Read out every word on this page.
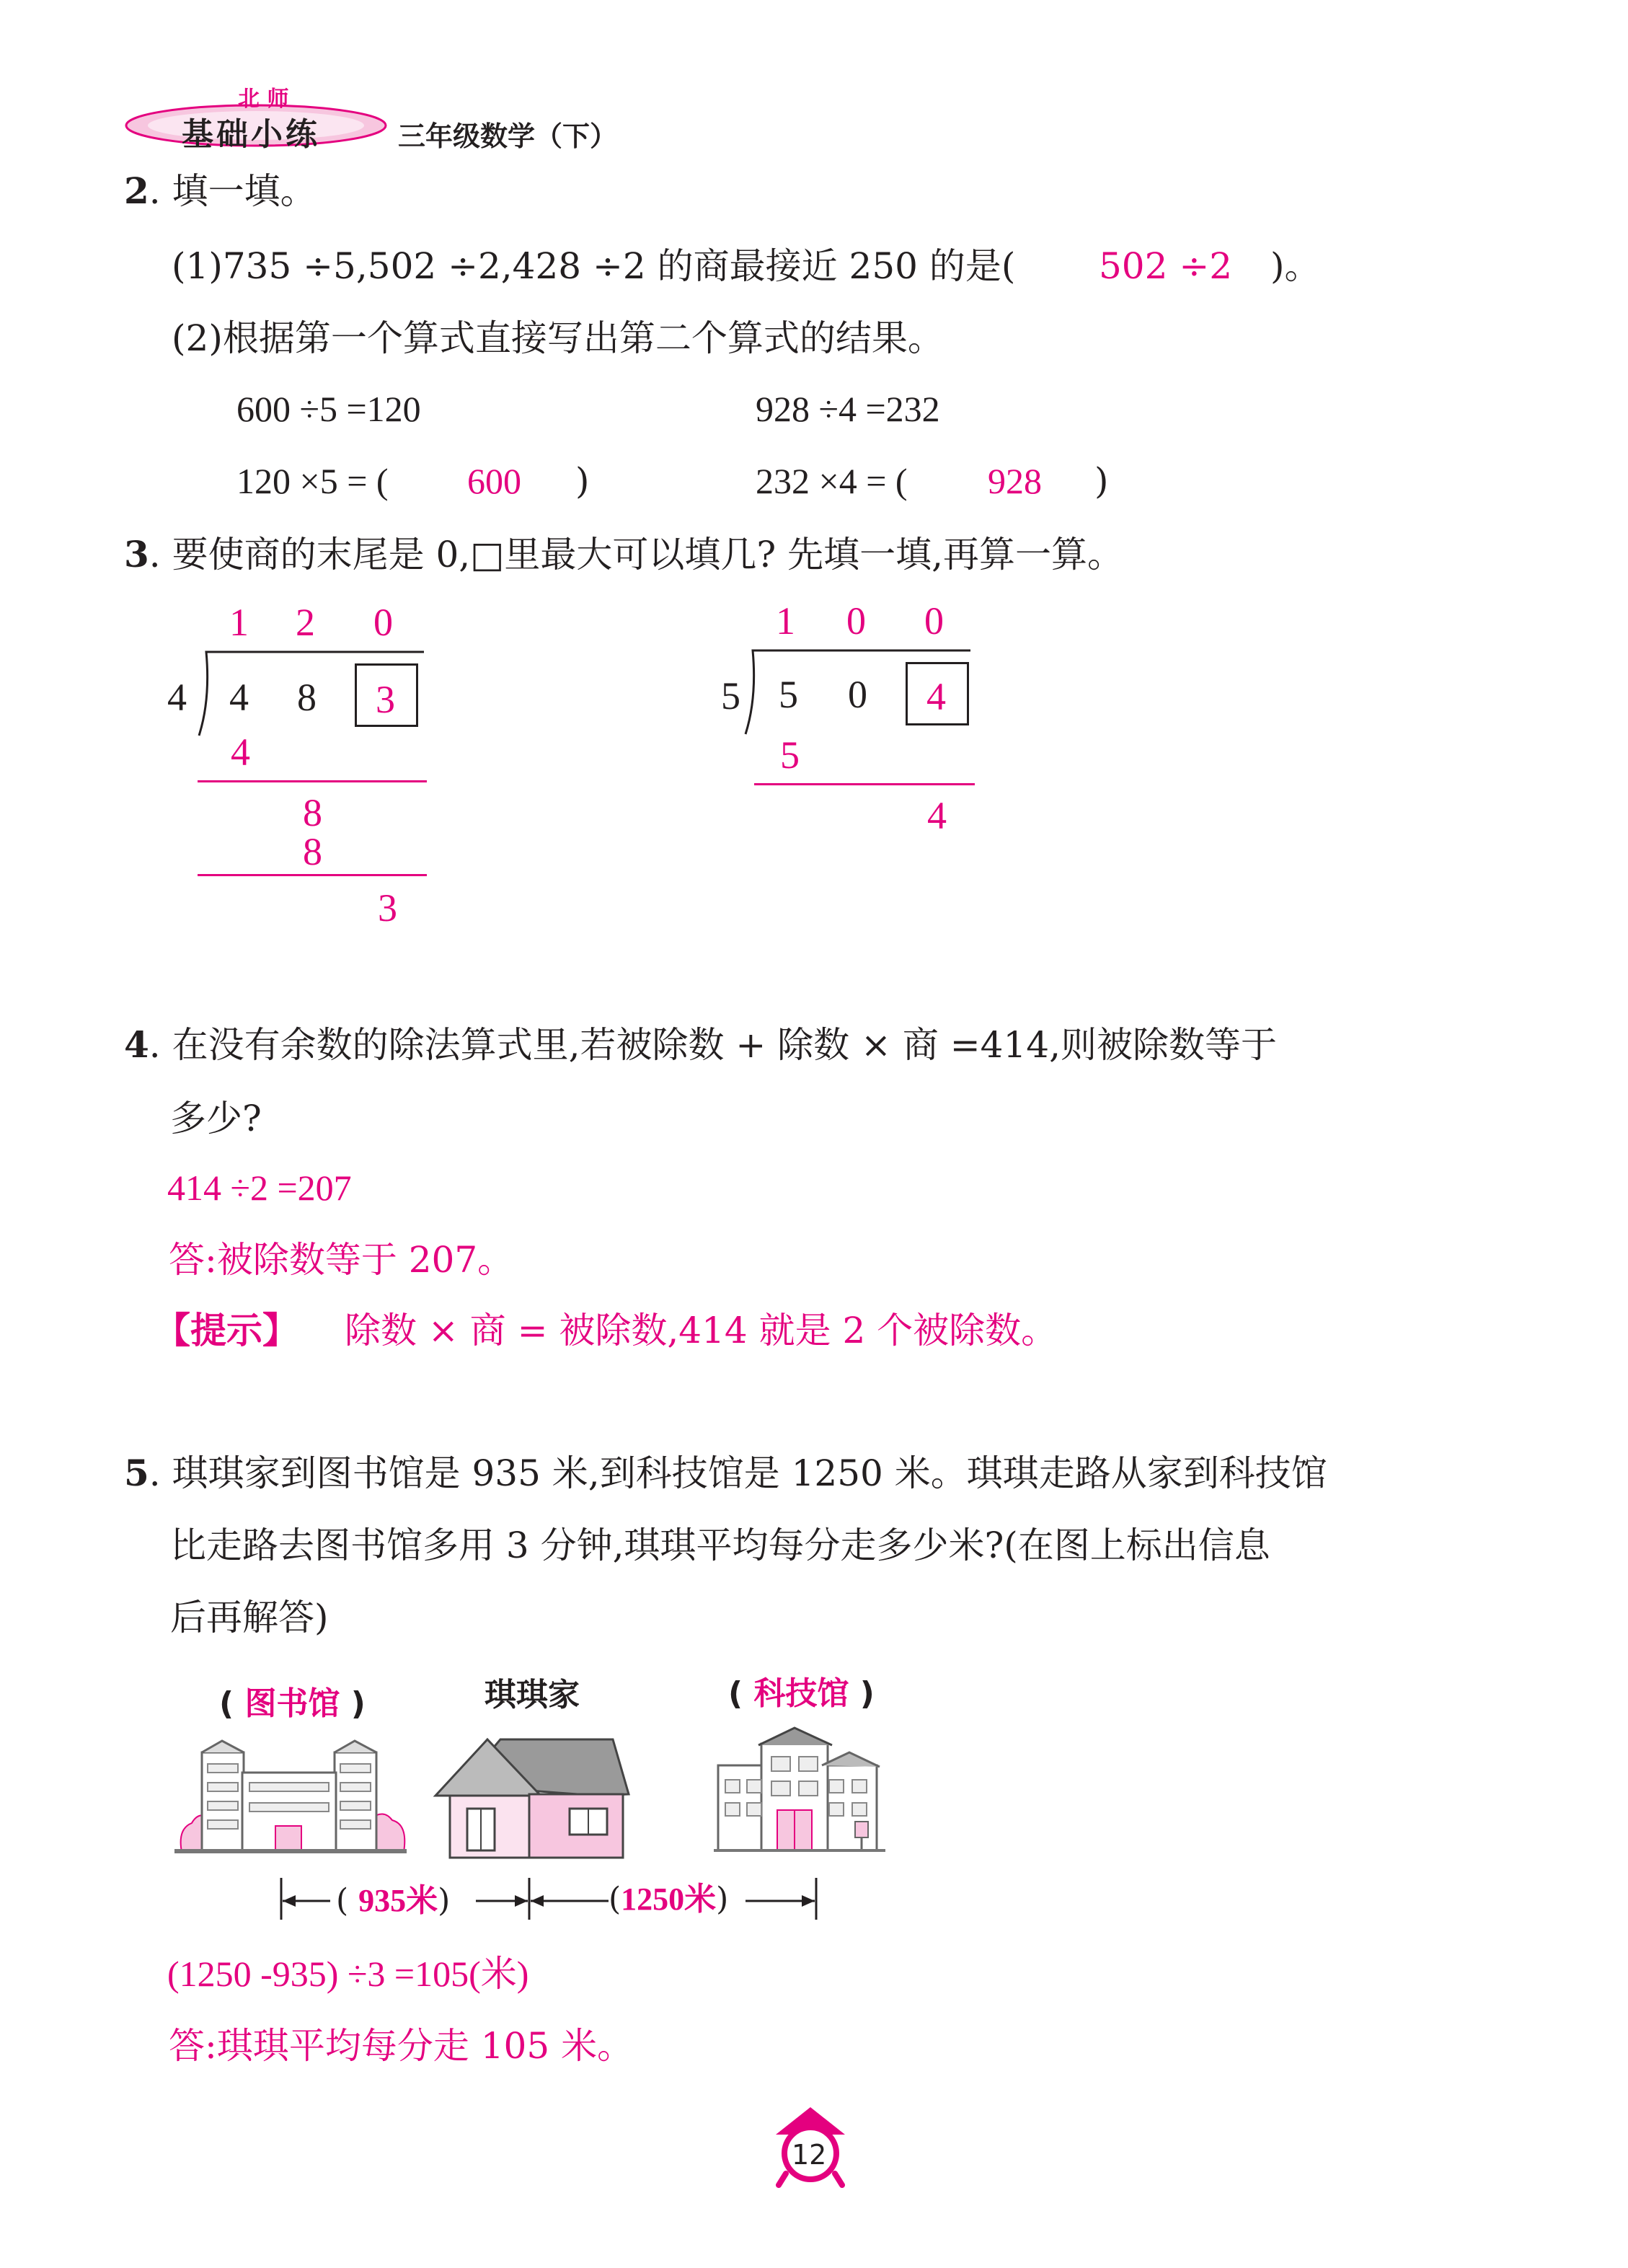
北 师
基础小练	三年级数学（下）
2. 填一填。
(1)735 ÷5,502 ÷2,428 ÷2 的商最接近 250 的是( 502 ÷2 )。
(2)根据第一个算式直接写出第二个算式的结果。
600 ÷5 =120	928 ÷4 =232
120 ×5 = ( 600 )	232 ×4 = ( 928 )
3. 要使商的末尾是 0,□里最大可以填几? 先填一填,再算一算。
1 2 0
4 4 8 3
4
8
8
3
1 0 0
5 5 0 4
5
4
4. 在没有余数的除法算式里,若被除数 + 除数 × 商 =414,则被除数等于
多少?
414 ÷2 =207
答:被除数等于 207。
【提示】 除数 × 商 = 被除数,414 就是 2 个被除数。
5. 琪琪家到图书馆是 935 米,到科技馆是 1250 米。琪琪走路从家到科技馆
比走路去图书馆多用 3 分钟,琪琪平均每分走多少米?(在图上标出信息
后再解答)
( 图书馆 )	琪琪家	( 科技馆 )
( 935米)	(1250米)
(1250 -935) ÷3 =105(米)
答:琪琪平均每分走 105 米。
12
